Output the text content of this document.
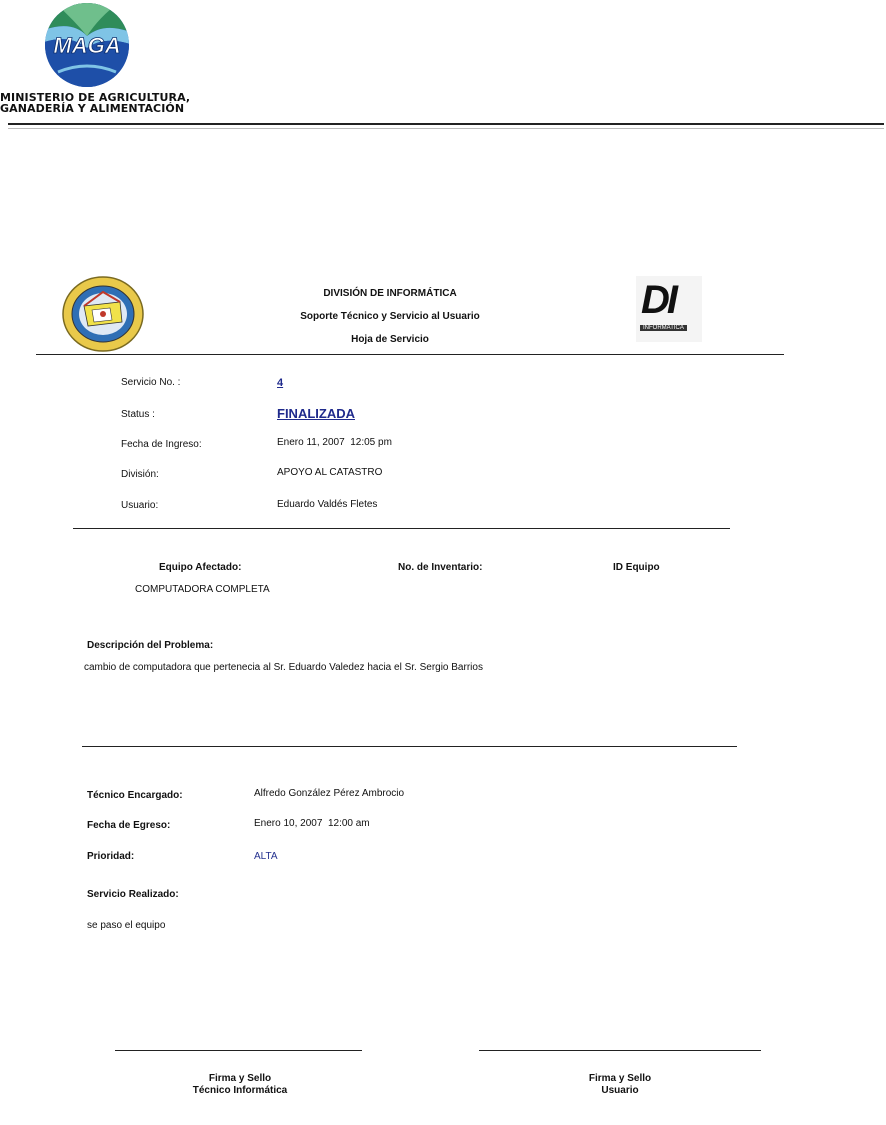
MAGA
MINISTERIO DE AGRICULTURA,
GANADERÍA Y ALIMENTACIÓN
DIVISIÓN DE INFORMÁTICA
Soporte Técnico y Servicio al Usuario
Hoja de Servicio
DI
INFORMATICA
Servicio No. :	4
Status :	FINALIZADA
Fecha de Ingreso:	Enero 11, 2007  12:05 pm
División:	APOYO AL CATASTRO
Usuario:	Eduardo Valdés Fletes
Equipo Afectado:	No. de Inventario:	ID Equipo
COMPUTADORA COMPLETA
Descripción del Problema:
cambio de computadora que pertenecia al Sr. Eduardo Valedez hacia el Sr. Sergio Barrios
Técnico Encargado:	Alfredo González Pérez Ambrocio
Fecha de Egreso:	Enero 10, 2007  12:00 am
Prioridad:	ALTA
Servicio Realizado:
se paso el equipo
Firma y Sello
Técnico Informática
Firma y Sello
Usuario
